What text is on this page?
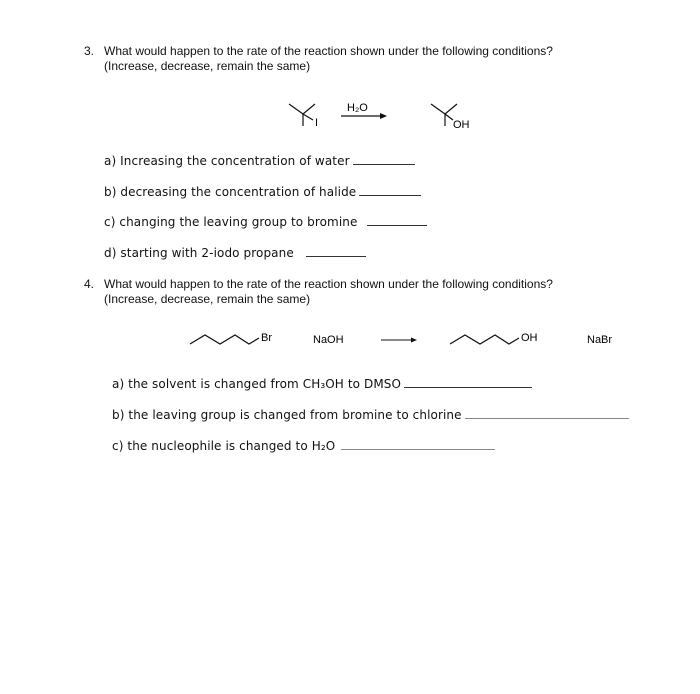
3. What would happen to the rate of the reaction shown under the following conditions?
(Increase, decrease, remain the same)
I
H₂O
OH
a) Increasing the concentration of water
b) decreasing the concentration of halide
c) changing the leaving group to bromine
d) starting with 2-iodo propane
4. What would happen to the rate of the reaction shown under the following conditions?
(Increase, decrease, remain the same)
Br	NaOH	OH	NaBr
a) the solvent is changed from CH₃OH to DMSO
b) the leaving group is changed from bromine to chlorine
c) the nucleophile is changed to H₂O
